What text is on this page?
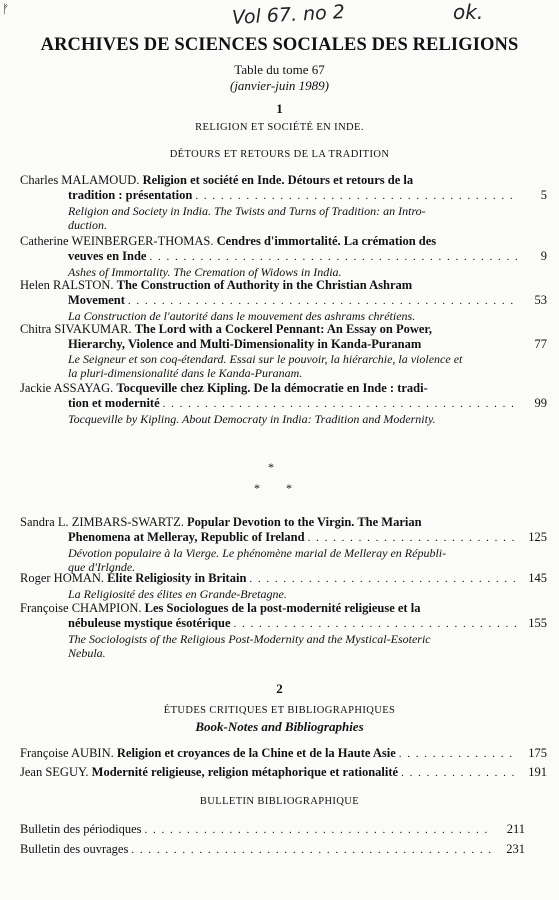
ᚠ	Vol 67. no 2	ok.
ARCHIVES DE SCIENCES SOCIALES DES RELIGIONS
Table du tome 67
(janvier-juin 1989)
1
RELIGION ET SOCIÉTÉ EN INDE.
DÉTOURS ET RETOURS DE LA TRADITION
Charles MALAMOUD. Religion et société en Inde. Détours et retours de la
tradition : présentation . . .	5
Religion and Society in India. The Twists and Turns of Tradition: an Intro-
duction.
Catherine WEINBERGER-THOMAS. Cendres d'immortalité. La crémation des
veuves en Inde . . .	9
Ashes of Immortality. The Cremation of Widows in India.
Helen RALSTON. The Construction of Authority in the Christian Ashram
Movement . . .	53
La Construction de l'autorité dans le mouvement des ashrams chrétiens.
Chitra SIVAKUMAR. The Lord with a Cockerel Pennant: An Essay on Power,
Hierarchy, Violence and Multi-Dimensionality in Kanda-Puranam	77
Le Seigneur et son coq-étendard. Essai sur le pouvoir, la hiérarchie, la violence et
la pluri-dimensionalité dans le Kanda-Puranam.
Jackie ASSAYAG. Tocqueville chez Kipling. De la démocratie en Inde : tradi-
tion et modernité . . .	99
Tocqueville by Kipling. About Democraty in India: Tradition and Modernity.
*
* *
Sandra L. ZIMBARS-SWARTZ. Popular Devotion to the Virgin. The Marian
Phenomena at Melleray, Republic of Ireland . . .	125
Dévotion populaire à la Vierge. Le phénomène marial de Melleray en Républi-
que d'Irlande.
Roger HOMAN. Élite Religiosity in Britain . . .	145
La Religiosité des élites en Grande-Bretagne.
Françoise CHAMPION. Les Sociologues de la post-modernité religieuse et la
nébuleuse mystique ésotérique . . .	155
The Sociologists of the Religious Post-Modernity and the Mystical-Esoteric
Nebula.
2
ÉTUDES CRITIQUES ET BIBLIOGRAPHIQUES
Book-Notes and Bibliographies
Françoise AUBIN. Religion et croyances de la Chine et de la Haute Asie . . .	175
Jean SEGUY. Modernité religieuse, religion métaphorique et rationalité . . .	191
BULLETIN BIBLIOGRAPHIQUE
Bulletin des périodiques . . .	211
Bulletin des ouvrages . . .	231
